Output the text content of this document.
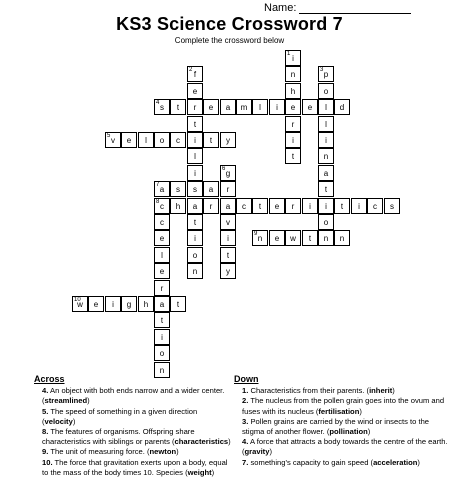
Name:
KS3 Science Crossword 7
Complete the crossword below
1 i
n
h
e
r
i
t
2 f
e
r
t
i
l
i
s
a
t
i
o
n
3 p
o
l
l
i
n
a
t
i
o
n
4 s	t	e	a	m	l	i	e	d
5 v	e	l	o	c	t	y
6 g
r
a
v
i
t
y
7 a
8 c
c
e
l
e
r
a
t
i
o
n
s	a
h	r	c	t	e	r	i	t	i	c	s
9 n	e	w	t	n
10
w	e	i	g	h	t
Across
4. An object with both ends narrow and a wider center. (streamlined)
5. The speed of something in a given direction (velocity)
8. The features of organisms. Offspring share characteristics with siblings or parents (characteristics)
9. The unit of measuring force. (newton)
10. The force that gravitation exerts upon a body, equal to the mass of the body times 10. Species (weight)
Down
1. Characteristics from their parents. (inherit)
2. The nucleus from the pollen grain goes into the ovum and fuses with its nucleus (fertilisation)
3. Pollen grains are carried by the wind or insects to the stigma of another flower. (pollination)
4. A force that attracts a body towards the centre of the earth. (gravity)
7. something's capacity to gain speed (acceleration)
